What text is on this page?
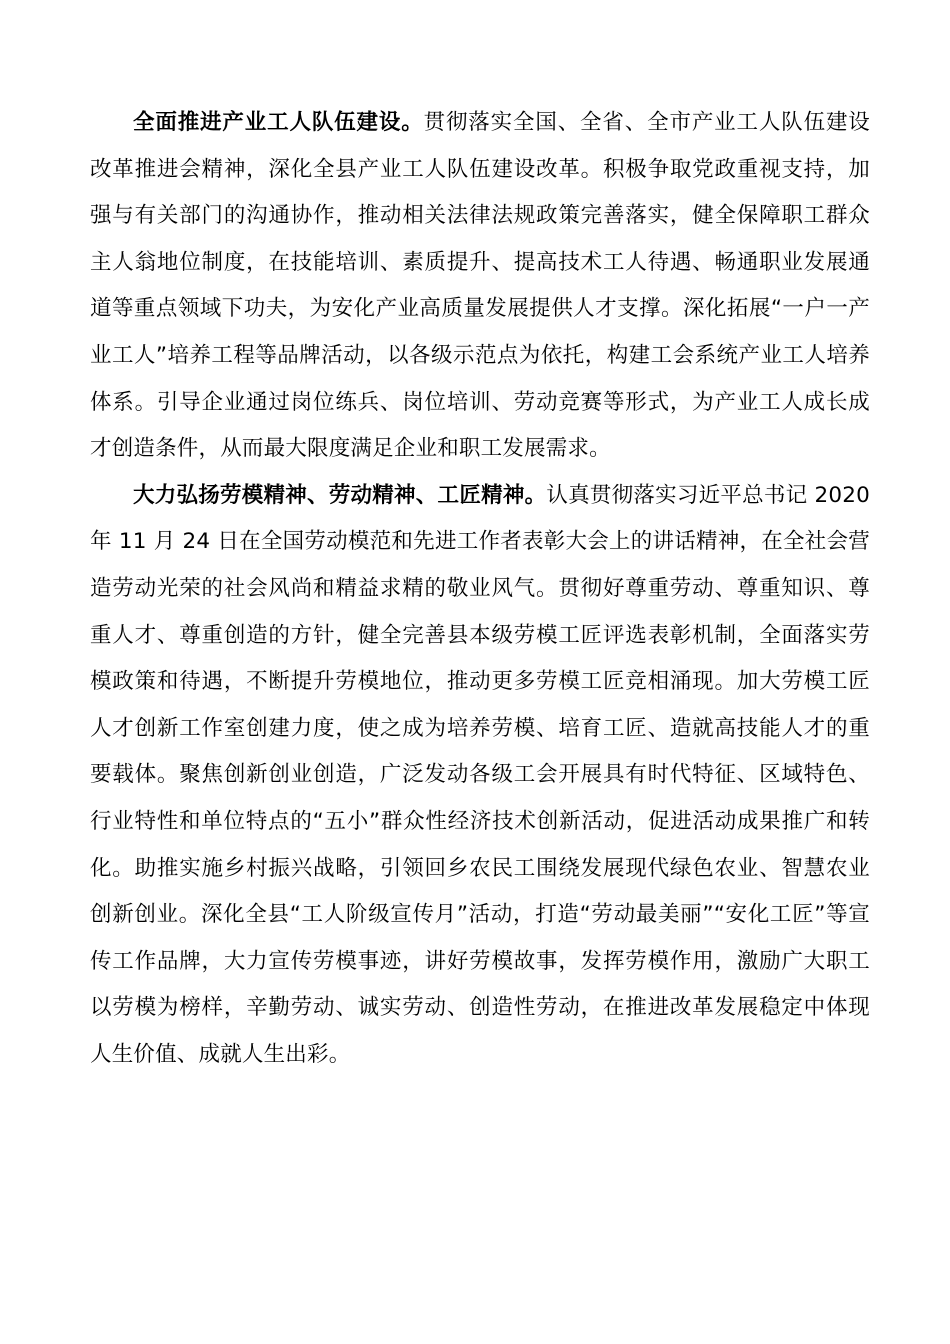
全面推进产业工人队伍建设。贯彻落实全国、全省、全市产业工人队伍建设改革推进会精神，深化全县产业工人队伍建设改革。积极争取党政重视支持，加强与有关部门的沟通协作，推动相关法律法规政策完善落实，健全保障职工群众主人翁地位制度，在技能培训、素质提升、提高技术工人待遇、畅通职业发展通道等重点领域下功夫，为安化产业高质量发展提供人才支撑。深化拓展“一户一产业工人”培养工程等品牌活动，以各级示范点为依托，构建工会系统产业工人培养体系。引导企业通过岗位练兵、岗位培训、劳动竞赛等形式，为产业工人成长成才创造条件，从而最大限度满足企业和职工发展需求。

大力弘扬劳模精神、劳动精神、工匠精神。认真贯彻落实习近平总书记 2020 年 11 月 24 日在全国劳动模范和先进工作者表彰大会上的讲话精神，在全社会营造劳动光荣的社会风尚和精益求精的敬业风气。贯彻好尊重劳动、尊重知识、尊重人才、尊重创造的方针，健全完善县本级劳模工匠评选表彰机制，全面落实劳模政策和待遇，不断提升劳模地位，推动更多劳模工匠竞相涌现。加大劳模工匠人才创新工作室创建力度，使之成为培养劳模、培育工匠、造就高技能人才的重要载体。聚焦创新创业创造，广泛发动各级工会开展具有时代特征、区域特色、行业特性和单位特点的“五小”群众性经济技术创新活动，促进活动成果推广和转化。助推实施乡村振兴战略，引领回乡农民工围绕发展现代绿色农业、智慧农业创新创业。深化全县“工人阶级宣传月”活动，打造“劳动最美丽”“安化工匠”等宣传工作品牌，大力宣传劳模事迹，讲好劳模故事，发挥劳模作用，激励广大职工以劳模为榜样，辛勤劳动、诚实劳动、创造性劳动，在推进改革发展稳定中体现人生价值、成就人生出彩。
